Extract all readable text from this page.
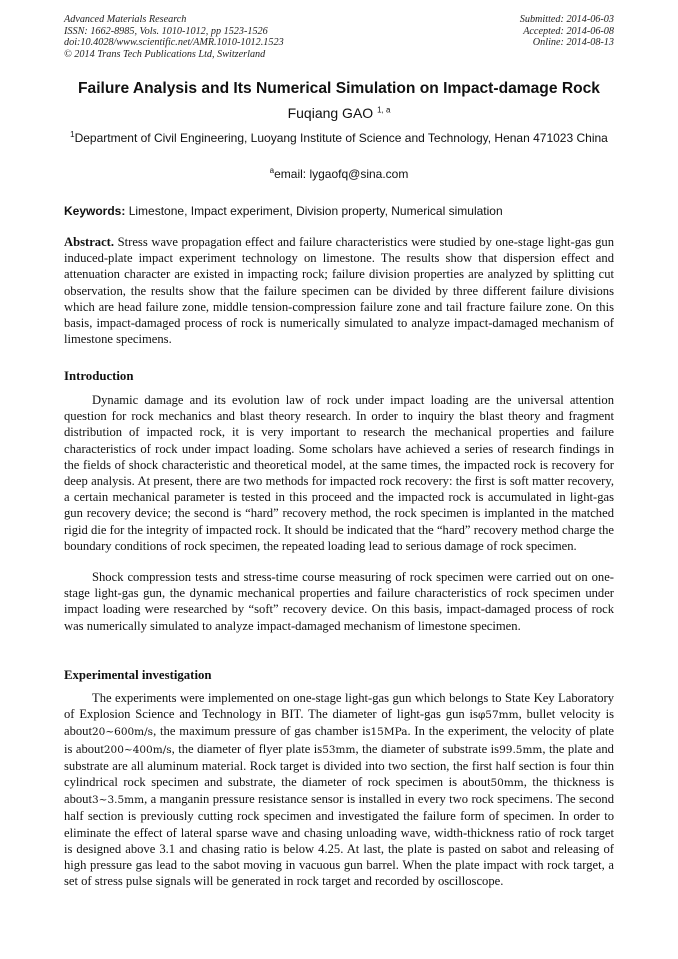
Advanced Materials Research
ISSN: 1662-8985, Vols. 1010-1012, pp 1523-1526
doi:10.4028/www.scientific.net/AMR.1010-1012.1523
© 2014 Trans Tech Publications Ltd, Switzerland
Submitted: 2014-06-03
Accepted: 2014-06-08
Online: 2014-08-13
Failure Analysis and Its Numerical Simulation on Impact-damage Rock
Fuqiang GAO $^{1, a}$
$^1$Department of Civil Engineering, Luoyang Institute of Science and Technology, Henan 471023 China
$^a$email: lygaofq@sina.com
Keywords: Limestone, Impact experiment, Division property, Numerical simulation

Abstract. Stress wave propagation effect and failure characteristics were studied by one-stage light-gas gun induced-plate impact experiment technology on limestone. The results show that dispersion effect and attenuation character are existed in impacting rock; failure division properties are analyzed by splitting cut observation, the results show that the failure specimen can be divided by three different failure divisions which are head failure zone, middle tension-compression failure zone and tail fracture failure zone. On this basis, impact-damaged process of rock is numerically simulated to analyze impact-damaged mechanism of limestone specimens.

Introduction

Dynamic damage and its evolution law of rock under impact loading are the universal attention question for rock mechanics and blast theory research. In order to inquiry the blast theory and fragment distribution of impacted rock, it is very important to research the mechanical properties and failure characteristics of rock under impact loading. Some scholars have achieved a series of research findings in the fields of shock characteristic and theoretical model, at the same times, the impacted rock is recovery for deep analysis. At present, there are two methods for impacted rock recovery: the first is soft matter recovery, a certain mechanical parameter is tested in this proceed and the impacted rock is accumulated in light-gas gun recovery device; the second is “hard” recovery method, the rock specimen is implanted in the matched rigid die for the integrity of impacted rock. It should be indicated that the “hard” recovery method charge the boundary conditions of rock specimen, the repeated loading lead to serious damage of rock specimen.

Shock compression tests and stress-time course measuring of rock specimen were carried out on one-stage light-gas gun, the dynamic mechanical properties and failure characteristics of rock specimen under impact loading were researched by “soft” recovery device. On this basis, impact-damaged process of rock was numerically simulated to analyze impact-damaged mechanism of limestone specimen.

Experimental investigation

The experiments were implemented on one-stage light-gas gun which belongs to State Key Laboratory of Explosion Science and Technology in BIT. The diameter of light-gas gun isφ57mm, bullet velocity is about20~600m/s, the maximum pressure of gas chamber is15MPa. In the experiment, the velocity of plate is about200~400m/s, the diameter of flyer plate is53mm, the diameter of substrate is99.5mm, the plate and substrate are all aluminum material. Rock target is divided into two section, the first half section is four thin cylindrical rock specimen and substrate, the diameter of rock specimen is about50mm, the thickness is about3~3.5mm, a manganin pressure resistance sensor is installed in every two rock specimens. The second half section is previously cutting rock specimen and investigated the failure form of specimen. In order to eliminate the effect of lateral sparse wave and chasing unloading wave, width-thickness ratio of rock target is designed above 3.1 and chasing ratio is below 4.25. At last, the plate is pasted on sabot and releasing of high pressure gas lead to the sabot moving in vacuous gun barrel. When the plate impact with rock target, a set of stress pulse signals will be generated in rock target and recorded by oscilloscope.
